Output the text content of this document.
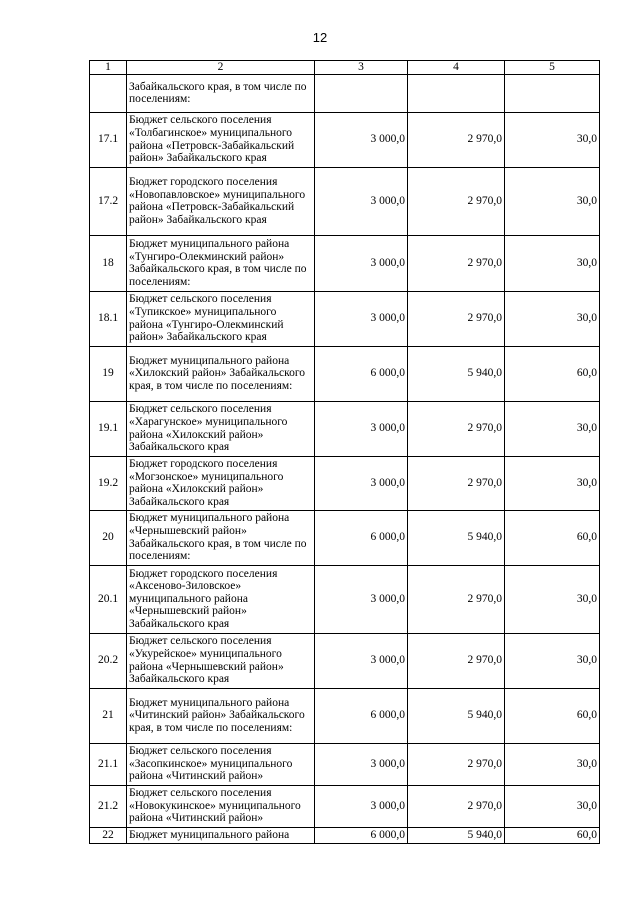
12
1	2	3	4	5
	Забайкальского края, в том числе по поселениям:			
17.1	Бюджет сельского поселения «Толбагинское» муниципального района «Петровск-Забайкальский район» Забайкальского края	3 000,0	2 970,0	30,0
17.2	Бюджет городского поселения «Новопавловское» муниципального района «Петровск-Забайкальский район» Забайкальского края	3 000,0	2 970,0	30,0
18	Бюджет муниципального района «Тунгиро-Олекминский район» Забайкальского края, в том числе по поселениям:	3 000,0	2 970,0	30,0
18.1	Бюджет сельского поселения «Тупикское» муниципального района «Тунгиро-Олекминский район» Забайкальского края	3 000,0	2 970,0	30,0
19	Бюджет муниципального района «Хилокский район» Забайкальского края, в том числе по поселениям:	6 000,0	5 940,0	60,0
19.1	Бюджет сельского поселения «Харагунское» муниципального района «Хилокский район» Забайкальского края	3 000,0	2 970,0	30,0
19.2	Бюджет городского поселения «Могзонское» муниципального района «Хилокский район» Забайкальского края	3 000,0	2 970,0	30,0
20	Бюджет муниципального района «Чернышевский район» Забайкальского края, в том числе по поселениям:	6 000,0	5 940,0	60,0
20.1	Бюджет городского поселения «Аксеново-Зиловское» муниципального района «Чернышевский район» Забайкальского края	3 000,0	2 970,0	30,0
20.2	Бюджет сельского поселения «Укурейское» муниципального района «Чернышевский район» Забайкальского края	3 000,0	2 970,0	30,0
21	Бюджет муниципального района «Читинский район» Забайкальского края, в том числе по поселениям:	6 000,0	5 940,0	60,0
21.1	Бюджет сельского поселения «Засопкинское» муниципального района «Читинский район»	3 000,0	2 970,0	30,0
21.2	Бюджет сельского поселения «Новокукинское» муниципального района «Читинский район»	3 000,0	2 970,0	30,0
22	Бюджет муниципального района	6 000,0	5 940,0	60,0
